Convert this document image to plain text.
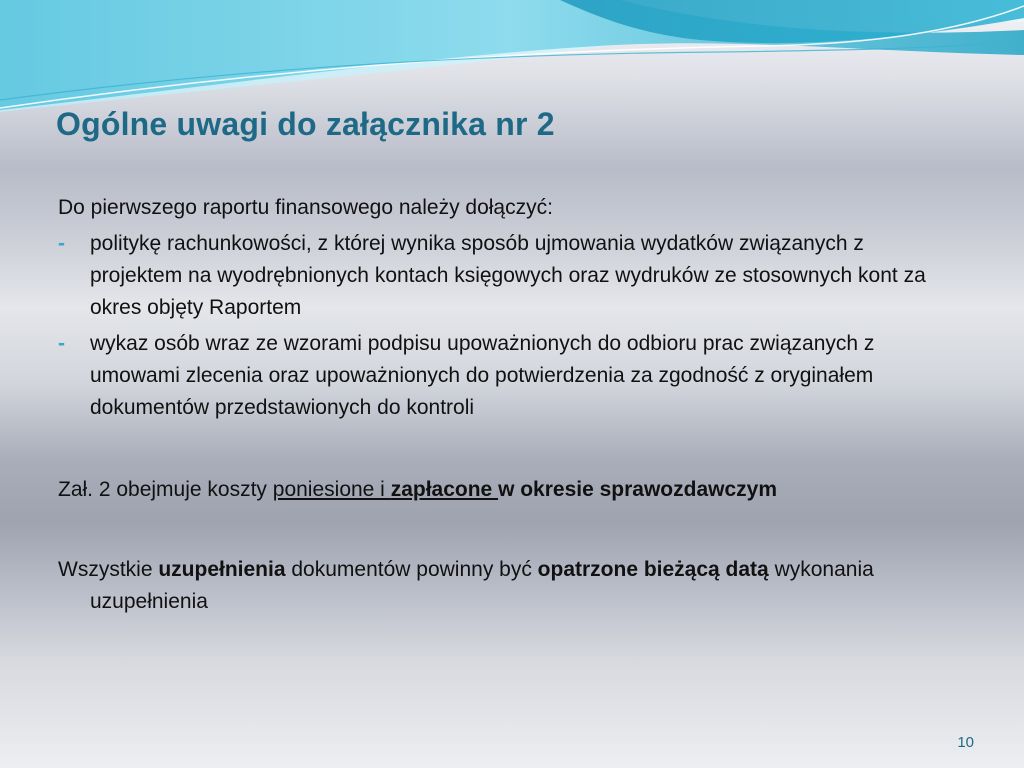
Ogólne uwagi do załącznika nr 2

Do pierwszego raportu finansowego należy dołączyć:

- politykę rachunkowości, z której wynika sposób ujmowania wydatków związanych z projektem na wyodrębnionych kontach księgowych oraz wydruków ze stosownych kont za okres objęty Raportem
- wykaz osób wraz ze wzorami podpisu upoważnionych do odbioru prac związanych z umowami zlecenia oraz upoważnionych do potwierdzenia za zgodność z oryginałem dokumentów przedstawionych do kontroli

Zał. 2 obejmuje koszty poniesione i zapłacone w okresie sprawozdawczym

Wszystkie uzupełnienia dokumentów powinny być opatrzone bieżącą datą wykonania uzupełnienia

10
